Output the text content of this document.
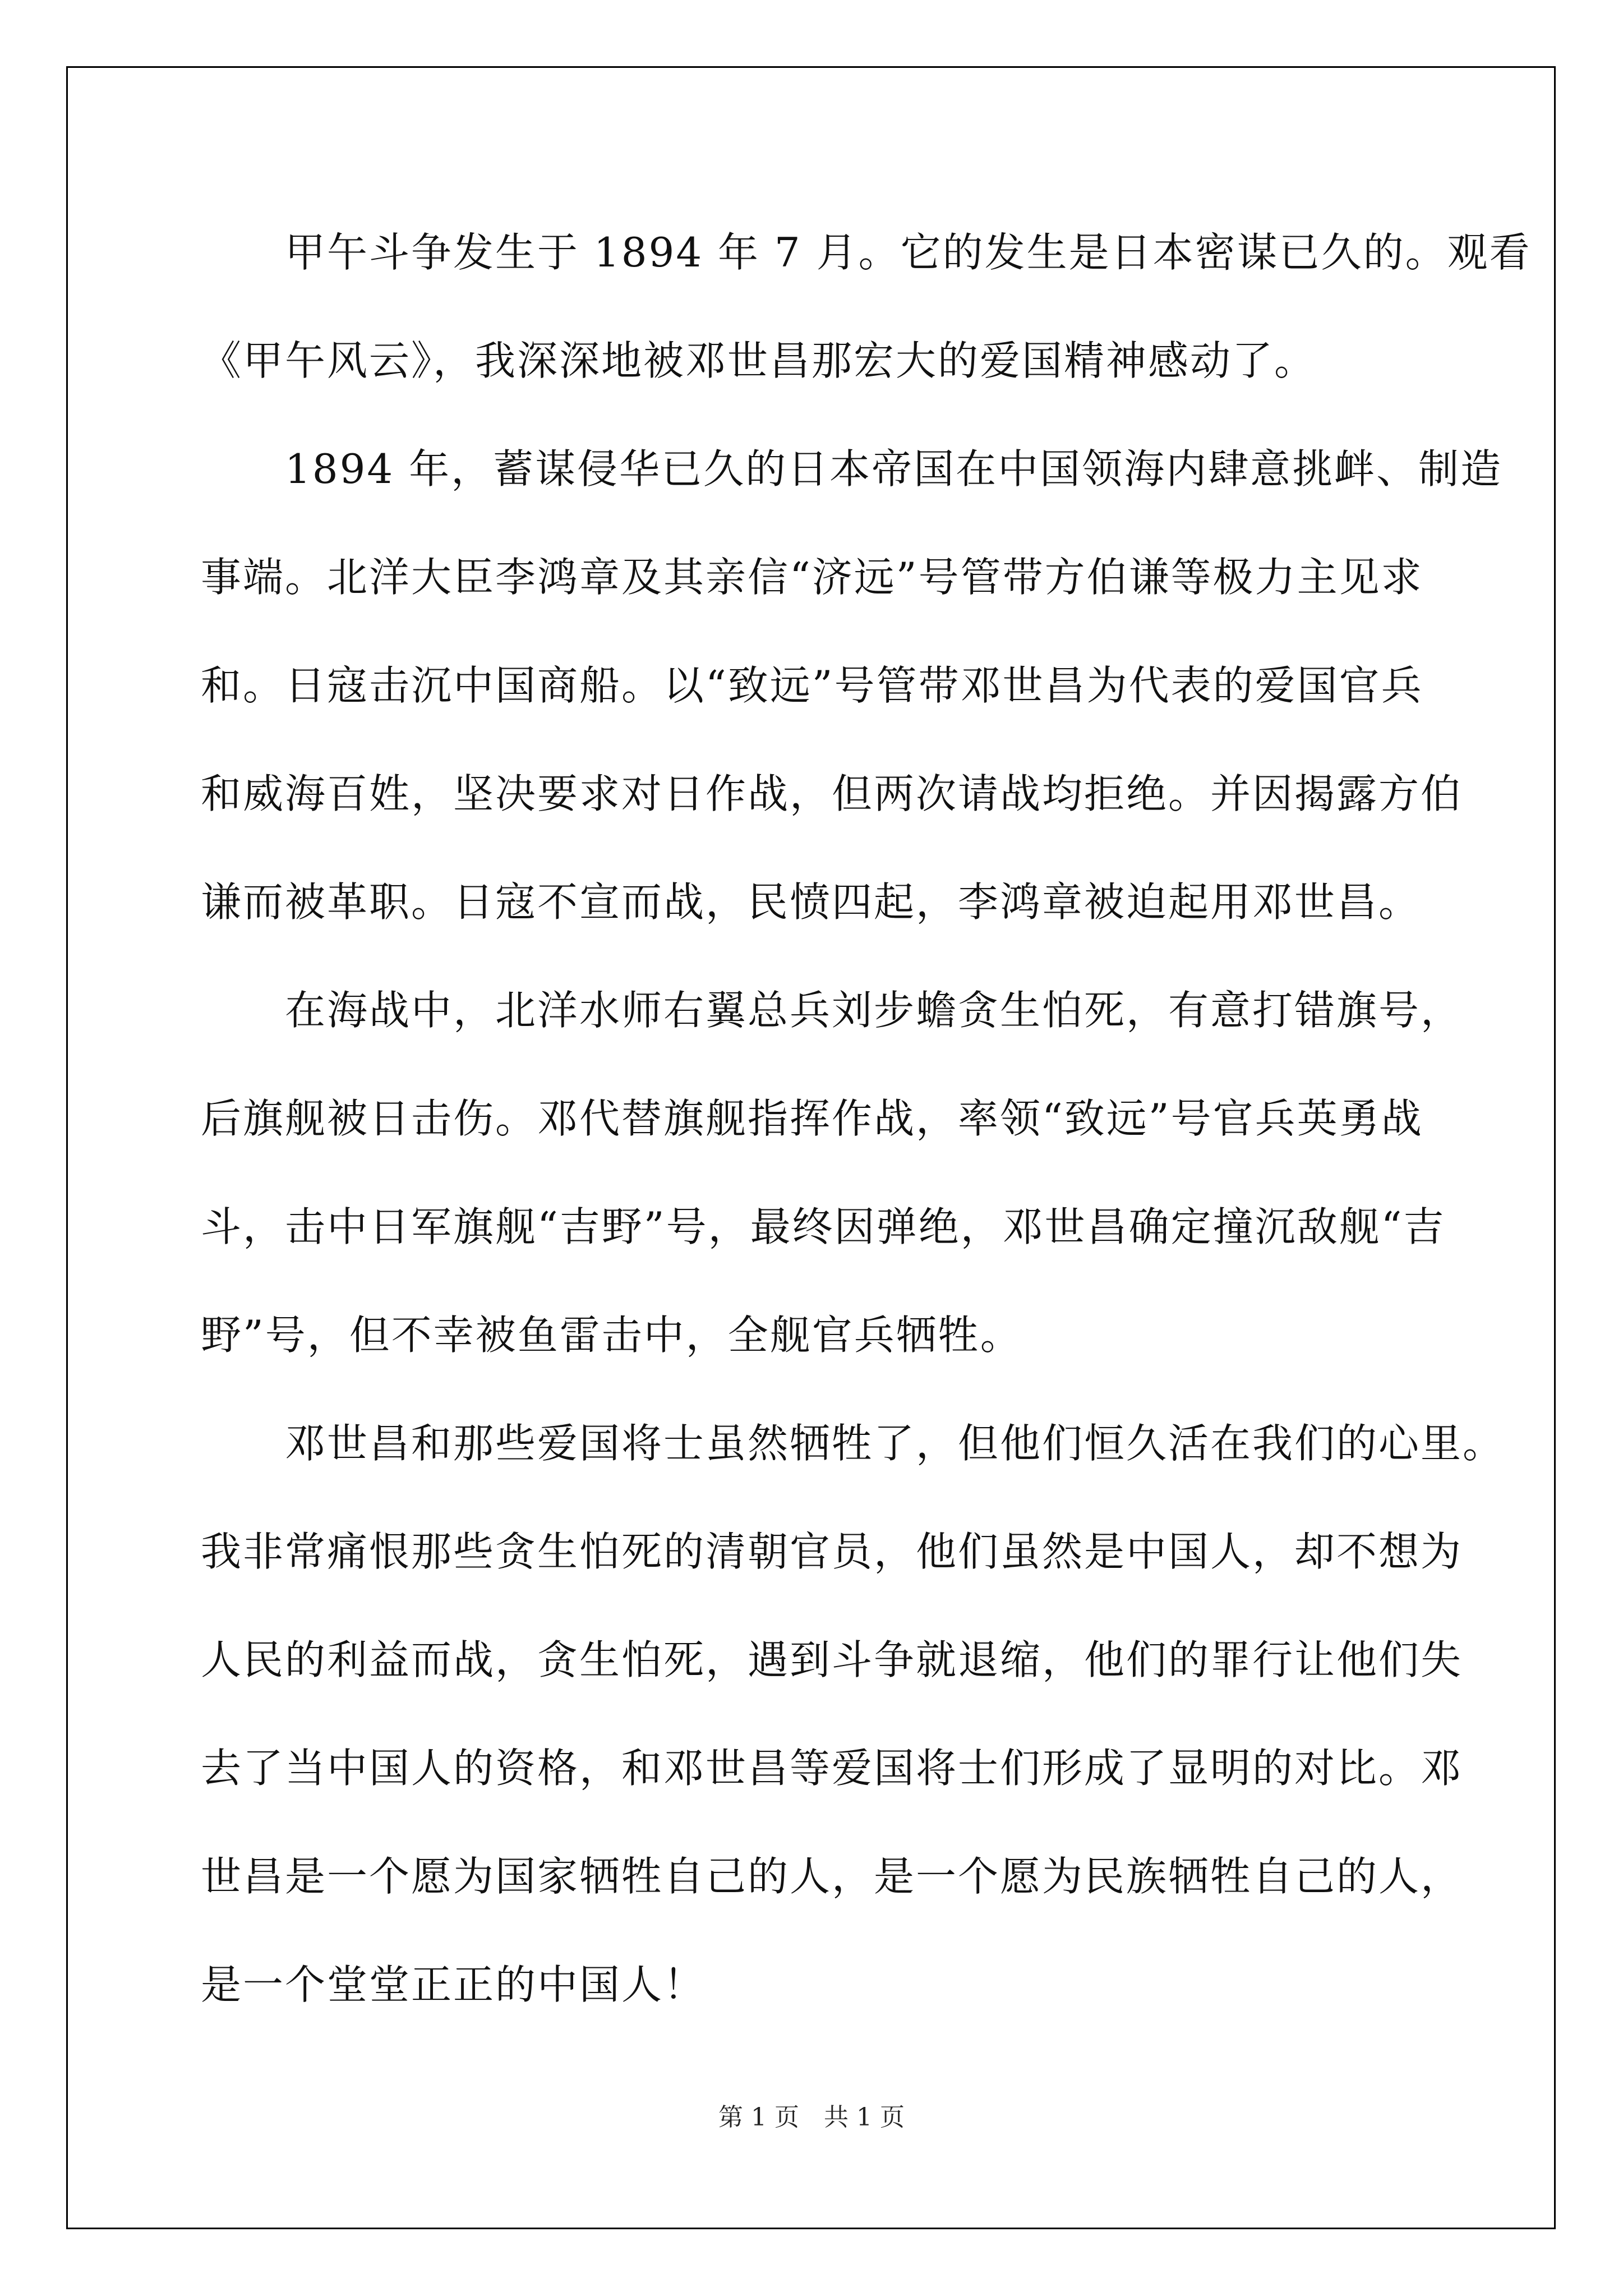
甲午斗争发生于 1894 年 7 月。它的发生是日本密谋已久的。观看
《甲午风云》，我深深地被邓世昌那宏大的爱国精神感动了。
1894 年，蓄谋侵华已久的日本帝国在中国领海内肆意挑衅、制造
事端。北洋大臣李鸿章及其亲信“济远”号管带方伯谦等极力主见求
和。日寇击沉中国商船。以“致远”号管带邓世昌为代表的爱国官兵
和威海百姓，坚决要求对日作战，但两次请战均拒绝。并因揭露方伯
谦而被革职。日寇不宣而战，民愤四起，李鸿章被迫起用邓世昌。
在海战中，北洋水师右翼总兵刘步蟾贪生怕死，有意打错旗号，
后旗舰被日击伤。邓代替旗舰指挥作战，率领“致远”号官兵英勇战
斗，击中日军旗舰“吉野”号，最终因弹绝，邓世昌确定撞沉敌舰“吉
野”号，但不幸被鱼雷击中，全舰官兵牺牲。
邓世昌和那些爱国将士虽然牺牲了，但他们恒久活在我们的心里。
我非常痛恨那些贪生怕死的清朝官员，他们虽然是中国人，却不想为
人民的利益而战，贪生怕死，遇到斗争就退缩，他们的罪行让他们失
去了当中国人的资格，和邓世昌等爱国将士们形成了显明的对比。邓
世昌是一个愿为国家牺牲自己的人，是一个愿为民族牺牲自己的人，
是一个堂堂正正的中国人！
第 1 页 共 1 页
